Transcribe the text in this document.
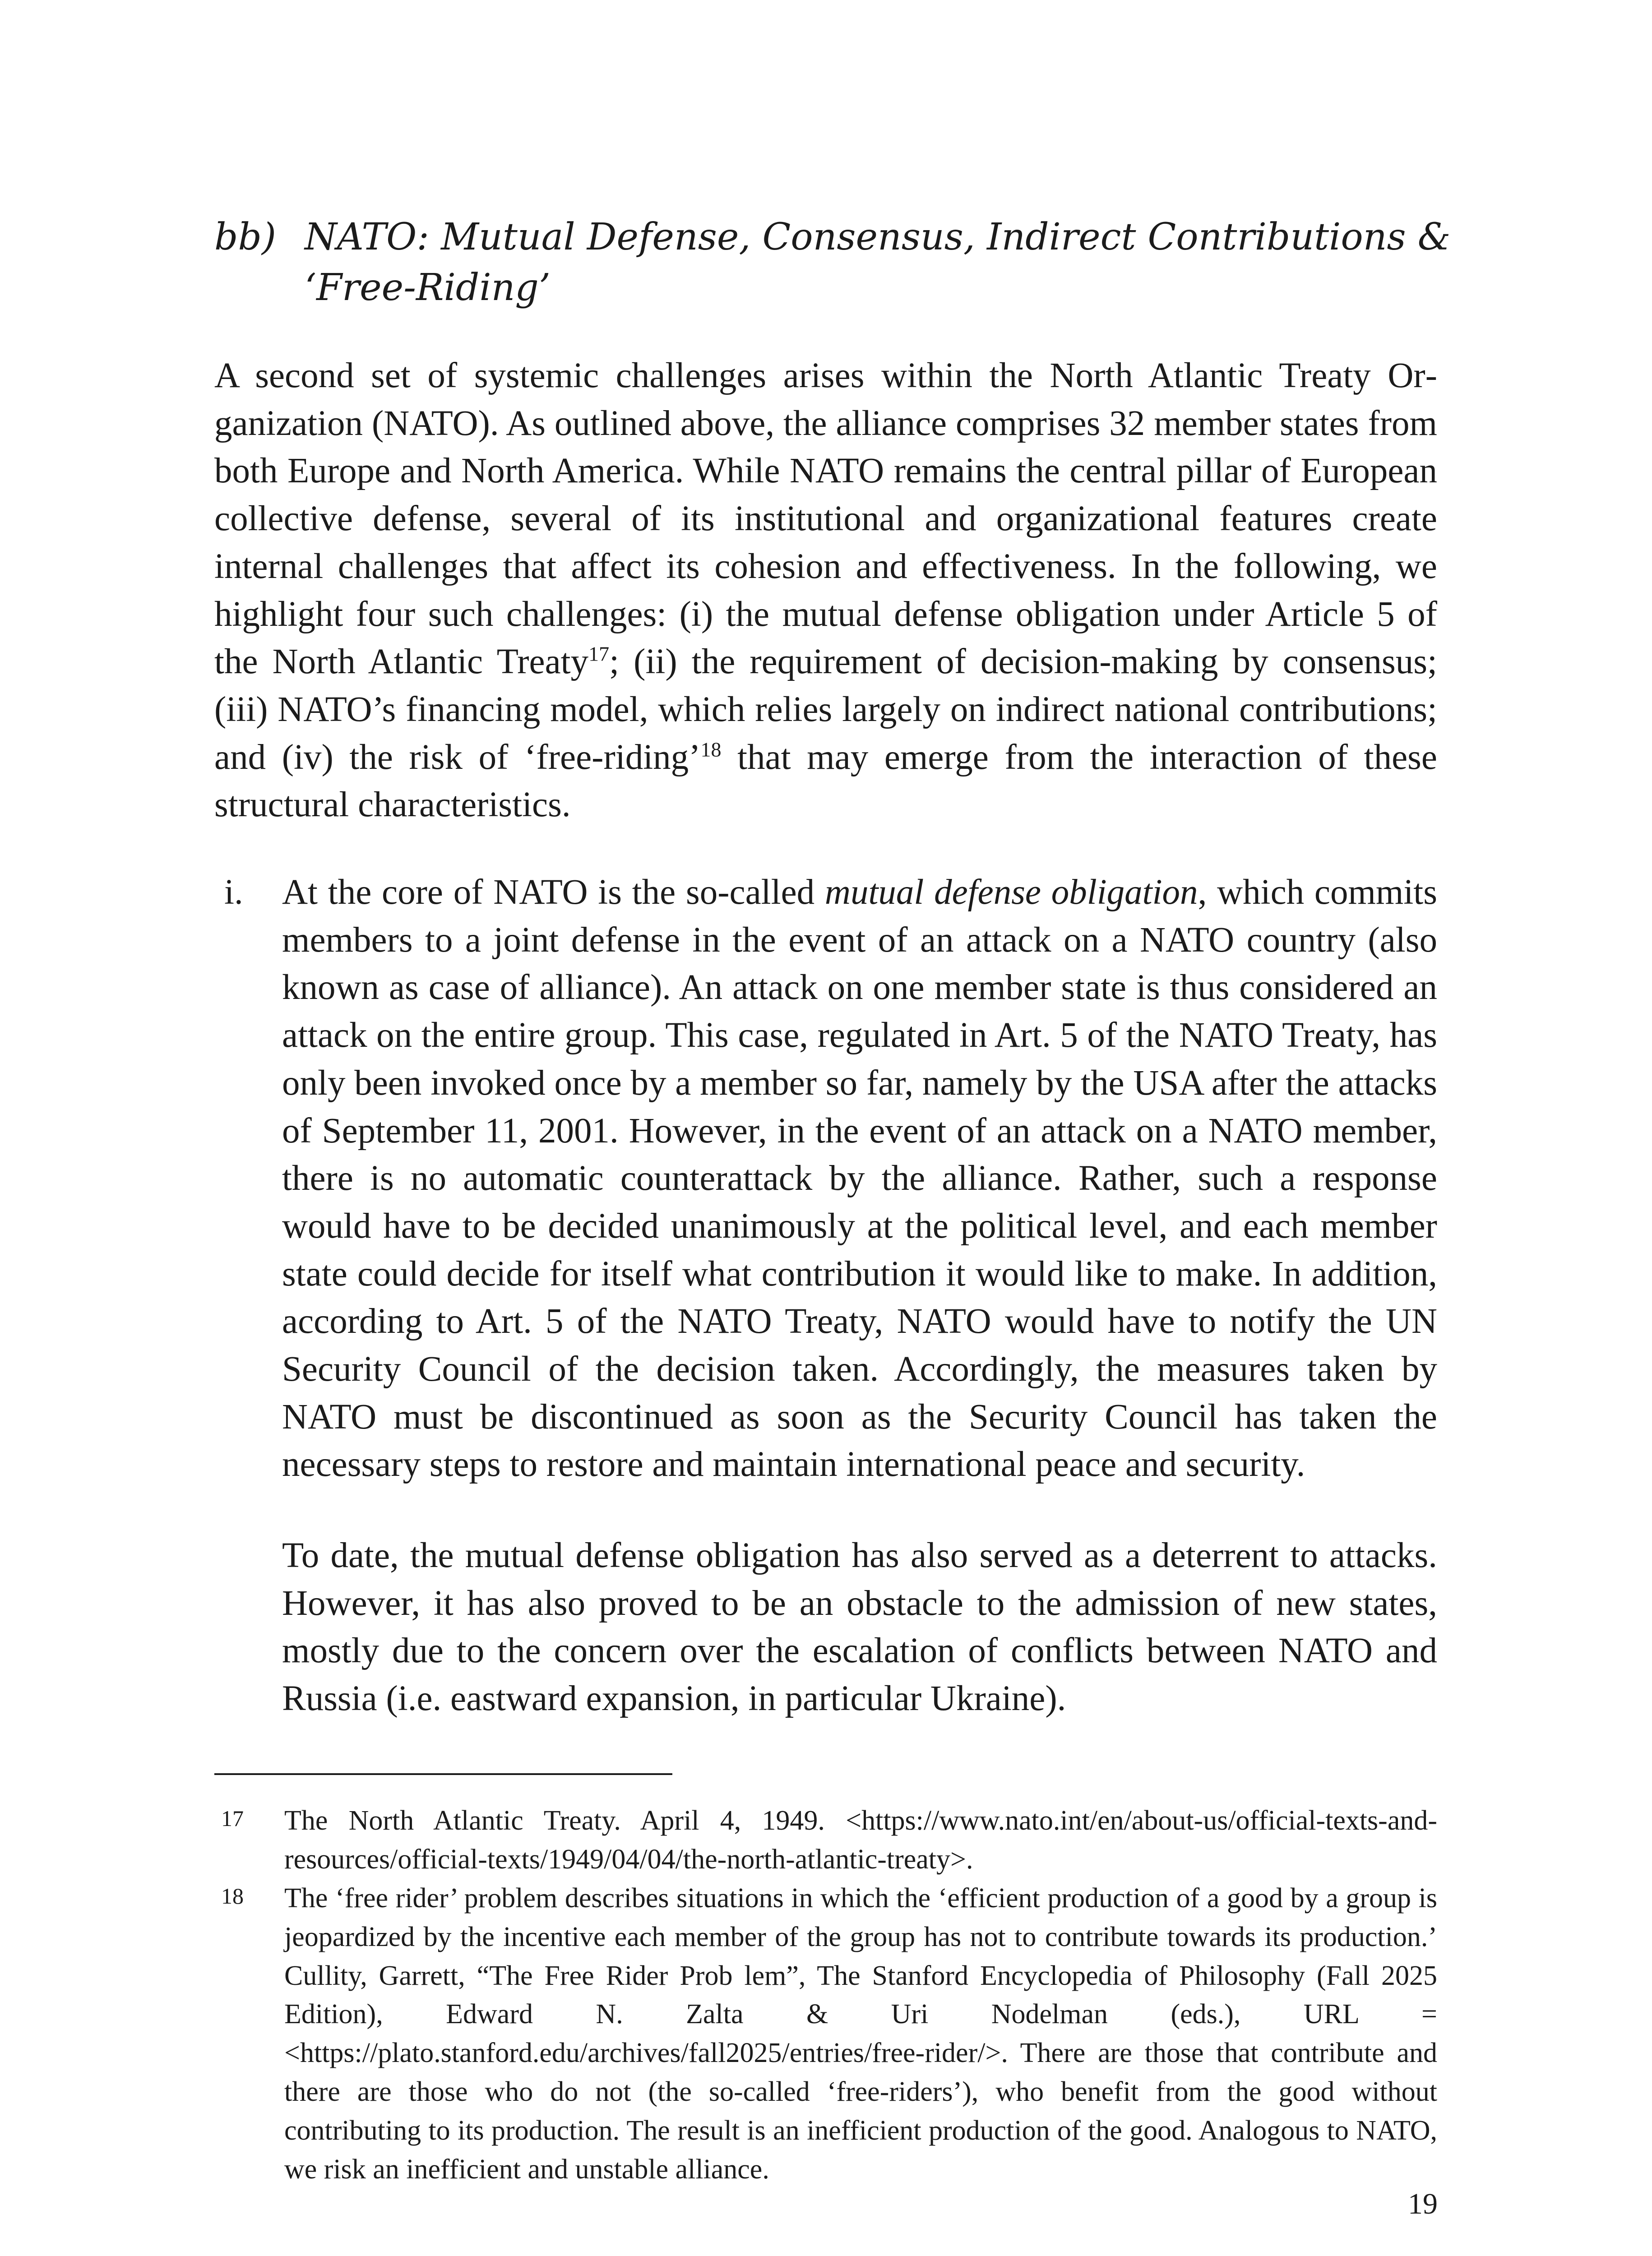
bb) NATO: Mutual Defense, Consensus, Indirect Contributions & ‘Free-Riding’

A second set of systemic challenges arises within the North Atlantic Treaty Organization (NATO). As outlined above, the alliance comprises 32 member states from both Europe and North America. While NATO remains the central pillar of European collective defense, several of its institutional and organizational features create internal challenges that affect its cohesion and effectiveness. In the following, we highlight four such challenges: (i) the mutual defense obligation under Article 5 of the North Atlantic Treaty$^{17}$; (ii) the requirement of decision-making by consensus; (iii) NATO’s financing model, which relies largely on indirect national contributions; and (iv) the risk of ‘free-riding’$^{18}$ that may emerge from the interaction of these structural characteristics.

i. At the core of NATO is the so-called mutual defense obligation, which commits members to a joint defense in the event of an attack on a NATO country (also known as case of alliance). An attack on one member state is thus considered an attack on the entire group. This case, regulated in Art. 5 of the NATO Treaty, has only been invoked once by a member so far, namely by the USA after the attacks of September 11, 2001. However, in the event of an attack on a NATO member, there is no automatic counterattack by the alliance. Rather, such a response would have to be decided unanimously at the political level, and each member state could decide for itself what contribution it would like to make. In addition, according to Art. 5 of the NATO Treaty, NATO would have to notify the UN Security Council of the decision taken. Accordingly, the measures taken by NATO must be discontinued as soon as the Security Council has taken the necessary steps to restore and maintain international peace and security.

To date, the mutual defense obligation has also served as a deterrent to attacks. However, it has also proved to be an obstacle to the admission of new states, mostly due to the concern over the escalation of conflicts between NATO and Russia (i.e. eastward expansion, in particular Ukraine).

17 The North Atlantic Treaty. April 4, 1949. <https://www.nato.int/en/about-us/official-texts-and-resources/official-texts/1949/04/04/the-north-atlantic-treaty>.

18 The ‘free rider’ problem describes situations in which the ‘efficient production of a good by a group is jeopardized by the incentive each member of the group has not to contribute towards its production.’ Cullity, Garrett, “The Free Rider Prob lem”, The Stanford Encyclopedia of Philosophy (Fall 2025 Edition), Edward N. Zalta & Uri Nodelman (eds.), URL = <https://plato.stanford.edu/archives/fall2025/entries/free-rider/>. There are those that contribute and there are those who do not (the so-called ‘free-riders’), who benefit from the good without contributing to its production. The result is an inefficient production of the good. Analogous to NATO, we risk an inefficient and unstable alliance.

19
